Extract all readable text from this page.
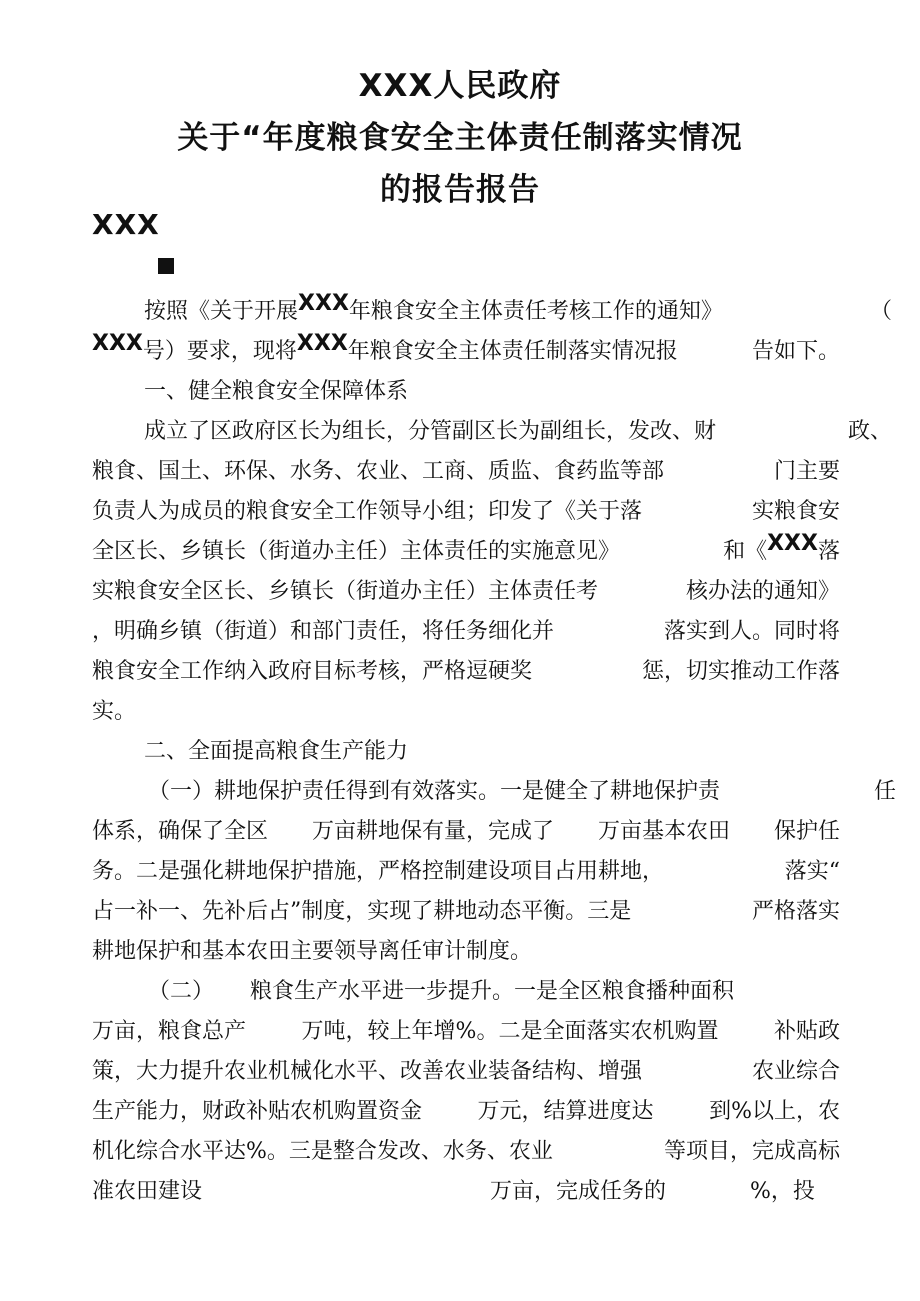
XXX人民政府
关于“年度粮食安全主体责任制落实情况
的报告报告
XXX
按照《关于开展XXX年粮食安全主体责任考核工作的通知》	（
XXX号）要求，现将XXX年粮食安全主体责任制落实情况报	告如下。
一、健全粮食安全保障体系
成立了区政府区长为组长，分管副区长为副组长，发改、财	政、
粮食、国土、环保、水务、农业、工商、质监、食药监等部	门主要
负责人为成员的粮食安全工作领导小组；印发了《关于落	实粮食安
全区长、乡镇长（街道办主任）主体责任的实施意见》	和《XXX落
实粮食安全区长、乡镇长（街道办主任）主体责任考	核办法的通知》
，明确乡镇（街道）和部门责任，将任务细化并	落实到人。同时将
粮食安全工作纳入政府目标考核，严格逗硬奖	惩，切实推动工作落
实。
二、全面提高粮食生产能力
（一）耕地保护责任得到有效落实。一是健全了耕地保护责	任
体系，确保了全区 万亩耕地保有量，完成了 万亩基本农田 保护任
务。二是强化耕地保护措施，严格控制建设项目占用耕地，	落实“
占一补一、先补后占”制度，实现了耕地动态平衡。三是	严格落实
耕地保护和基本农田主要领导离任审计制度。
（二） 粮食生产水平进一步提升。一是全区粮食播种面积
万亩，粮食总产	万吨，较上年增%。二是全面落实农机购置	补贴政
策，大力提升农业机械化水平、改善农业装备结构、增强	农业综合
生产能力，财政补贴农机购置资金	万元，结算进度达	到%以上，农
机化综合水平达%。三是整合发改、水务、农业	等项目，完成高标
准农田建设	万亩，完成任务的	%，投
